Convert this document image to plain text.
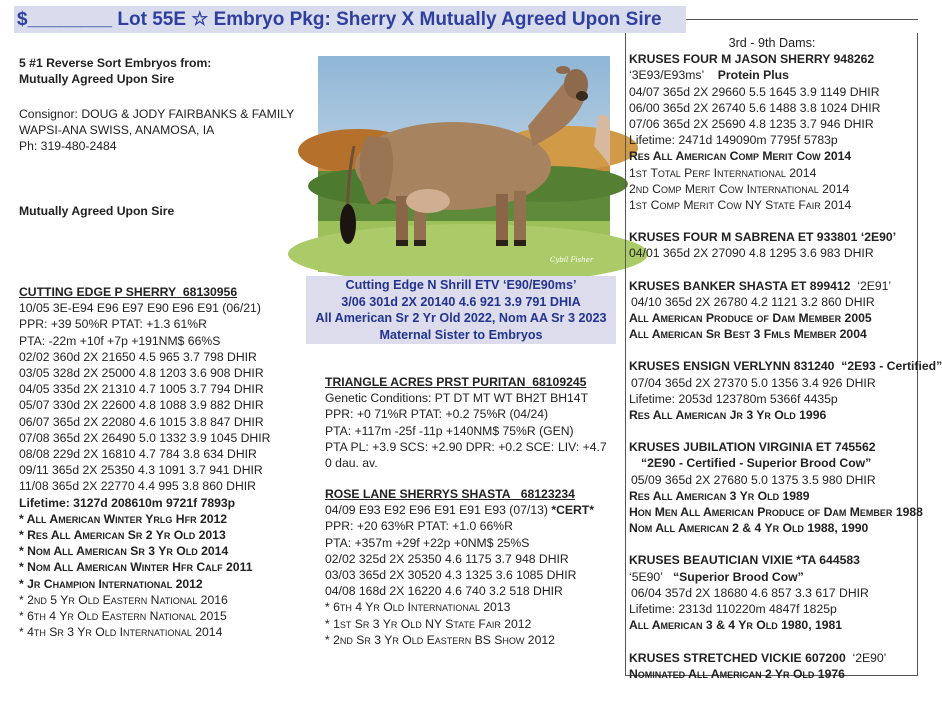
$________ Lot 55E ☆ Embryo Pkg: Sherry X Mutually Agreed Upon Sire
5 #1 Reverse Sort Embryos from:
Mutually Agreed Upon Sire
Consignor: DOUG & JODY FAIRBANKS & FAMILY
WAPSI-ANA SWISS, ANAMOSA, IA
Ph: 319-480-2484
Mutually Agreed Upon Sire
Cybil Fisher
Cutting Edge N Shrill ETV ‘E90/E90ms’
3/06 301d 2X 20140 4.6 921 3.9 791 DHIA
All American Sr 2 Yr Old 2022, Nom AA Sr 3 2023
Maternal Sister to Embryos
CUTTING EDGE P SHERRY 68130956
10/05 3E-E94 E96 E97 E90 E96 E91 (06/21)
PPR: +39 50%R PTAT: +1.3 61%R
PTA: -22m +10f +7p +191NM$ 66%S
02/02 360d 2X 21650 4.5 965 3.7 798 DHIR
03/05 328d 2X 25000 4.8 1203 3.6 908 DHIR
04/05 335d 2X 21310 4.7 1005 3.7 794 DHIR
05/07 330d 2X 22600 4.8 1088 3.9 882 DHIR
06/07 365d 2X 22080 4.6 1015 3.8 847 DHIR
07/08 365d 2X 26490 5.0 1332 3.9 1045 DHIR
08/08 229d 2X 16810 4.7 784 3.8 634 DHIR
09/11 365d 2X 25350 4.3 1091 3.7 941 DHIR
11/08 365d 2X 22770 4.4 995 3.8 860 DHIR
Lifetime: 3127d 208610m 9721f 7893p
* All American Winter Yrlg Hfr 2012
* Res All American Sr 2 Yr Old 2013
* Nom All American Sr 3 Yr Old 2014
* Nom All American Winter Hfr Calf 2011
* Jr Champion International 2012
* 2nd 5 Yr Old Eastern National 2016
* 6th 4 Yr Old Eastern National 2015
* 4th Sr 3 Yr Old International 2014
TRIANGLE ACRES PRST PURITAN 68109245
Genetic Conditions: PT DT MT WT BH2T BH14T
PPR: +0 71%R PTAT: +0.2 75%R (04/24)
PTA: +117m -25f -11p +140NM$ 75%R (GEN)
PTA PL: +3.9 SCS: +2.90 DPR: +0.2 SCE: LIV: +4.7
0 dau. av.
ROSE LANE SHERRYS SHASTA 68123234
04/09 E93 E92 E96 E91 E91 E93 (07/13) *CERT*
PPR: +20 63%R PTAT: +1.0 66%R
PTA: +357m +29f +22p +0NM$ 25%S
02/02 325d 2X 25350 4.6 1175 3.7 948 DHIR
03/03 365d 2X 30520 4.3 1325 3.6 1085 DHIR
04/08 168d 2X 16220 4.6 740 3.2 518 DHIR
* 6th 4 Yr Old International 2013
* 1st Sr 3 Yr Old NY State Fair 2012
* 2nd Sr 3 Yr Old Eastern BS Show 2012
3rd - 9th Dams:
KRUSES FOUR M JASON SHERRY 948262
‘3E93/E93ms’ Protein Plus
04/07 365d 2X 29660 5.5 1645 3.9 1149 DHIR
06/00 365d 2X 26740 5.6 1488 3.8 1024 DHIR
07/06 365d 2X 25690 4.8 1235 3.7 946 DHIR
Lifetime: 2471d 149090m 7795f 5783p
Res All American Comp Merit Cow 2014
1st Total Perf International 2014
2nd Comp Merit Cow International 2014
1st Comp Merit Cow NY State Fair 2014
KRUSES FOUR M SABRENA ET 933801 ‘2E90’
04/01 365d 2X 27090 4.8 1295 3.6 983 DHIR
KRUSES BANKER SHASTA ET 899412 ‘2E91’
04/10 365d 2X 26780 4.2 1121 3.2 860 DHIR
All American Produce of Dam Member 2005
All American Sr Best 3 Fmls Member 2004
KRUSES ENSIGN VERLYNN 831240 “2E93 - Certified”
07/04 365d 2X 27370 5.0 1356 3.4 926 DHIR
Lifetime: 2053d 123780m 5366f 4435p
Res All American Jr 3 Yr Old 1996
KRUSES JUBILATION VIRGINIA ET 745562
“2E90 - Certified - Superior Brood Cow”
05/09 365d 2X 27680 5.0 1375 3.5 980 DHIR
Res All American 3 Yr Old 1989
Hon Men All American Produce of Dam Member 1988
Nom All American 2 & 4 Yr Old 1988, 1990
KRUSES BEAUTICIAN VIXIE *TA 644583
‘5E90’ “Superior Brood Cow”
06/04 357d 2X 18680 4.6 857 3.3 617 DHIR
Lifetime: 2313d 110220m 4847f 1825p
All American 3 & 4 Yr Old 1980, 1981
KRUSES STRETCHED VICKIE 607200 ‘2E90’
Nominated All American 2 Yr Old 1976
